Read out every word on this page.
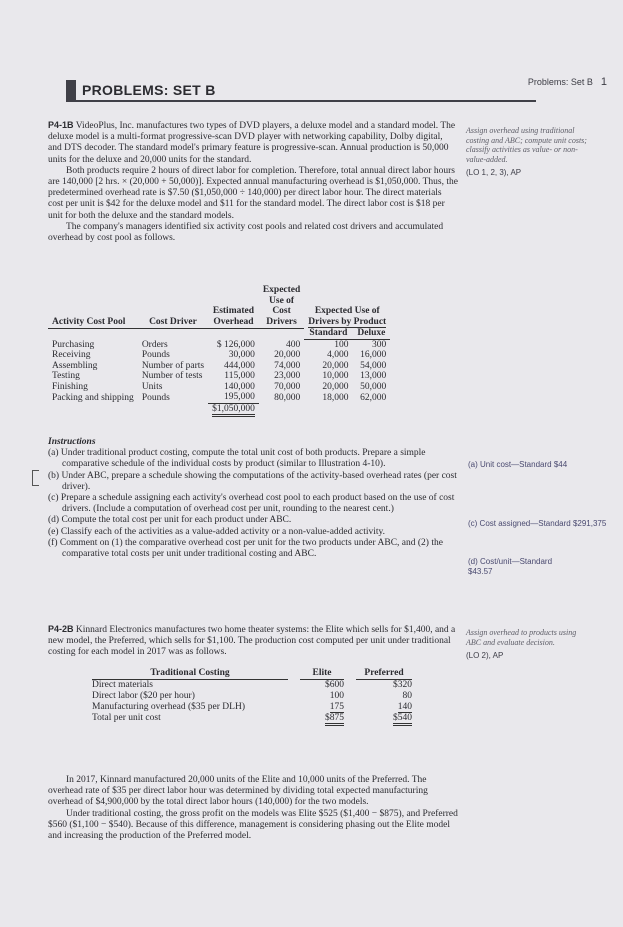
Problems: Set B 1
PROBLEMS: SET B

P4-1B VideoPlus, Inc. manufactures two types of DVD players, a deluxe model and a standard model. The deluxe model is a multi-format progressive-scan DVD player with networking capability, Dolby digital, and DTS decoder. The standard model's primary feature is progressive-scan. Annual production is 50,000 units for the deluxe and 20,000 units for the standard.

Both products require 2 hours of direct labor for completion. Therefore, total annual direct labor hours are 140,000 [2 hrs. × (20,000 + 50,000)]. Expected annual manufacturing overhead is $1,050,000. Thus, the predetermined overhead rate is $7.50 ($1,050,000 ÷ 140,000) per direct labor hour. The direct materials cost per unit is $42 for the deluxe model and $11 for the standard model. The direct labor cost is $18 per unit for both the deluxe and the standard models.

The company's managers identified six activity cost pools and related cost drivers and accumulated overhead by cost pool as follows.

Assign overhead using traditional costing and ABC; compute unit costs; classify activities as value- or non-value-added.
(LO 1, 2, 3), AP

			Expected
Use of		

		Estimated	Cost	Expected Use of	
Activity Cost Pool	Cost Driver	Overhead	Drivers	Drivers by Product	

				Standard	Deluxe
Purchasing	Orders	$ 126,000	400	100	300
Receiving	Pounds	30,000	20,000	4,000	16,000
Assembling	Number of parts	444,000	74,000	20,000	54,000
Testing	Number of tests	115,000	23,000	10,000	13,000
Finishing	Units	140,000	70,000	20,000	50,000
Packing and shipping	Pounds	195,000	80,000	18,000	62,000
		$1,050,000			

Instructions

(a) Under traditional product costing, compute the total unit cost of both products. Prepare a simple comparative schedule of the individual costs by product (similar to Illustration 4-10).

(b) Under ABC, prepare a schedule showing the computations of the activity-based overhead rates (per cost driver).

(c) Prepare a schedule assigning each activity's overhead cost pool to each product based on the use of cost drivers. (Include a computation of overhead cost per unit, rounding to the nearest cent.)

(d) Compute the total cost per unit for each product under ABC.

(e) Classify each of the activities as a value-added activity or a non-value-added activity.

(f) Comment on (1) the comparative overhead cost per unit for the two products under ABC, and (2) the comparative total costs per unit under traditional costing and ABC.

(a) Unit cost—Standard $44
(c) Cost assigned—Standard $291,375
(d) Cost/unit—Standard $43.57

P4-2B Kinnard Electronics manufactures two home theater systems: the Elite which sells for $1,400, and a new model, the Preferred, which sells for $1,100. The production cost computed per unit under traditional costing for each model in 2017 was as follows.

Assign overhead to products using ABC and evaluate decision.
(LO 2), AP
Traditional Costing	Elite	Preferred

Direct materials	$600	$320
Direct labor ($20 per hour)	100	80
Manufacturing overhead ($35 per DLH)	175	140
Total per unit cost	$875	$540

In 2017, Kinnard manufactured 20,000 units of the Elite and 10,000 units of the Preferred. The overhead rate of $35 per direct labor hour was determined by dividing total expected manufacturing overhead of $4,900,000 by the total direct labor hours (140,000) for the two models.

Under traditional costing, the gross profit on the models was Elite $525 ($1,400 − $875), and Preferred $560 ($1,100 − $540). Because of this difference, management is considering phasing out the Elite model and increasing the production of the Preferred model.
